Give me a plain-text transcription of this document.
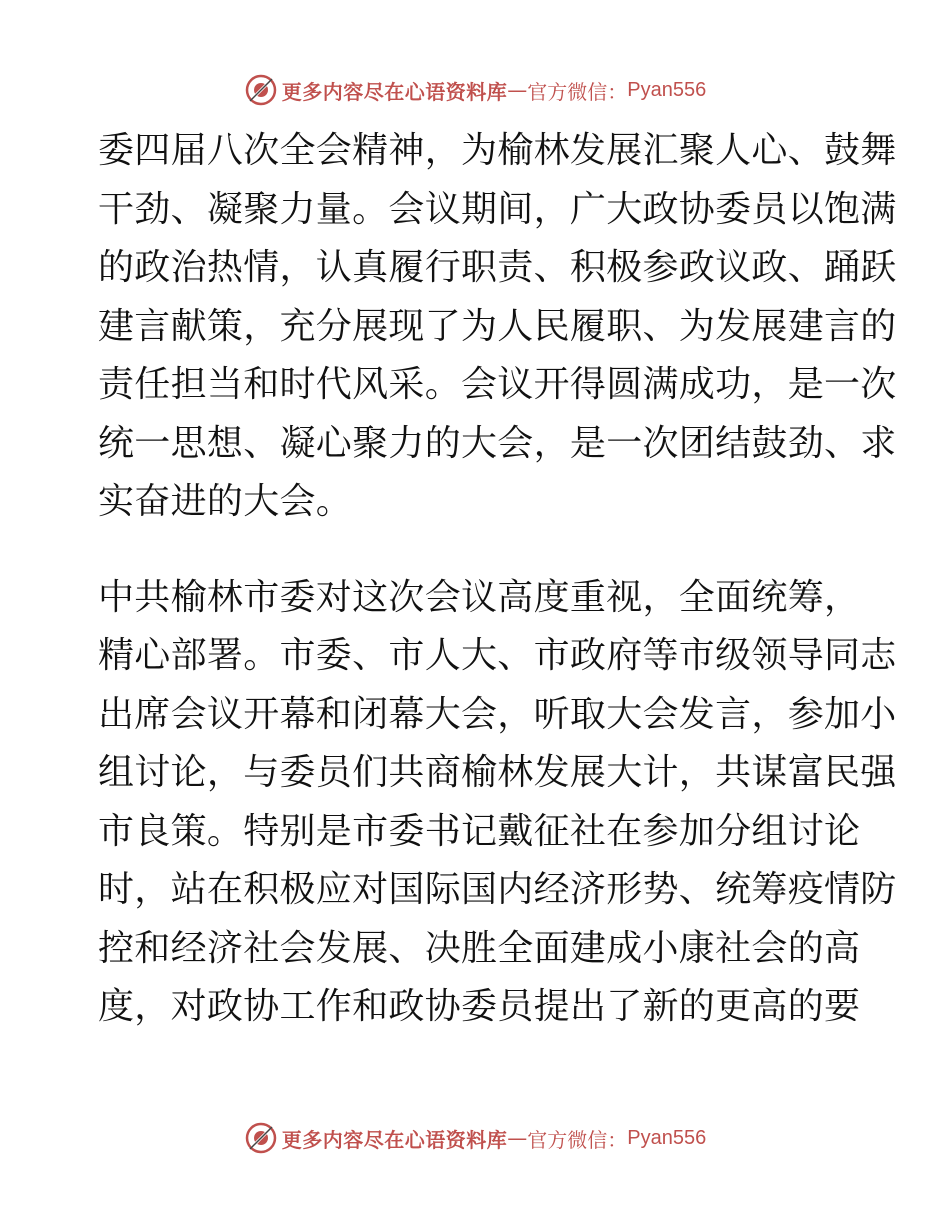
更多内容尽在心语资料库 — 官方微信： Pyan556

委四届八次全会精神，为榆林发展汇聚人心、鼓舞
干劲、凝聚力量。会议期间，广大政协委员以饱满
的政治热情，认真履行职责、积极参政议政、踊跃
建言献策，充分展现了为人民履职、为发展建言的
责任担当和时代风采。会议开得圆满成功，是一次
统一思想、凝心聚力的大会，是一次团结鼓劲、求
实奋进的大会。

中共榆林市委对这次会议高度重视，全面统筹，
精心部署。市委、市人大、市政府等市级领导同志
出席会议开幕和闭幕大会，听取大会发言，参加小
组讨论，与委员们共商榆林发展大计，共谋富民强
市良策。特别是市委书记戴征社在参加分组讨论
时，站在积极应对国际国内经济形势、统筹疫情防
控和经济社会发展、决胜全面建成小康社会的高
度，对政协工作和政协委员提出了新的更高的要

更多内容尽在心语资料库 — 官方微信： Pyan556
